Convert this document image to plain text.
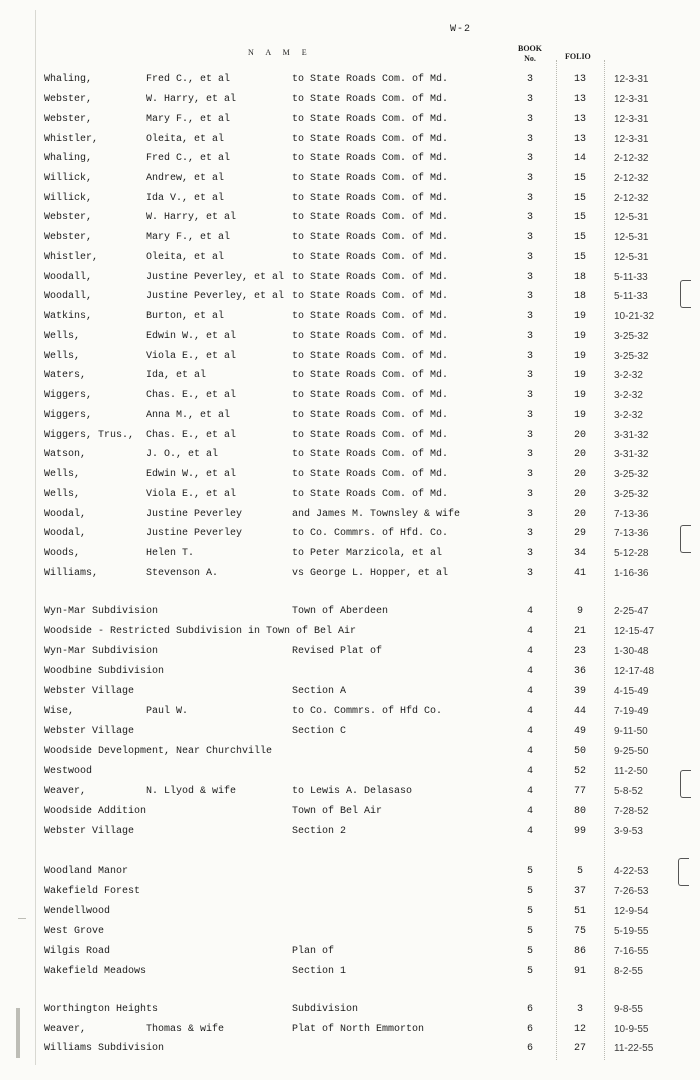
W-2
N A M E	BOOK
No.	FOLIO
Whaling,	Fred C., et al	to State Roads Com. of Md.	3	13	12-3-31
Webster,	W. Harry, et al	to State Roads Com. of Md.	3	13	12-3-31
Webster,	Mary F., et al	to State Roads Com. of Md.	3	13	12-3-31
Whistler,	Oleita, et al	to State Roads Com. of Md.	3	13	12-3-31
Whaling,	Fred C., et al	to State Roads Com. of Md.	3	14	2-12-32
Willick,	Andrew, et al	to State Roads Com. of Md.	3	15	2-12-32
Willick,	Ida V., et al	to State Roads Com. of Md.	3	15	2-12-32
Webster,	W. Harry, et al	to State Roads Com. of Md.	3	15	12-5-31
Webster,	Mary F., et al	to State Roads Com. of Md.	3	15	12-5-31
Whistler,	Oleita, et al	to State Roads Com. of Md.	3	15	12-5-31
Woodall,	Justine Peverley, et al to State Roads Com. of Md.	3	18	5-11-33
Woodall,	Justine Peverley, et al to State Roads Com. of Md.	3	18	5-11-33
Watkins,	Burton, et al	to State Roads Com. of Md.	3	19	10-21-32
Wells,	Edwin W., et al	to State Roads Com. of Md.	3	19	3-25-32
Wells,	Viola E., et al	to State Roads Com. of Md.	3	19	3-25-32
Waters,	Ida, et al	to State Roads Com. of Md.	3	19	3-2-32
Wiggers,	Chas. E., et al	to State Roads Com. of Md.	3	19	3-2-32
Wiggers,	Anna M., et al	to State Roads Com. of Md.	3	19	3-2-32
Wiggers, Trus., Chas. E., et al	to State Roads Com. of Md.	3	20	3-31-32
Watson,	J. O., et al	to State Roads Com. of Md.	3	20	3-31-32
Wells,	Edwin W., et al	to State Roads Com. of Md.	3	20	3-25-32
Wells,	Viola E., et al	to State Roads Com. of Md.	3	20	3-25-32
Woodal,	Justine Peverley	and James M. Townsley & wife	3	20	7-13-36
Woodal,	Justine Peverley	to Co. Commrs. of Hfd. Co.	3	29	7-13-36
Woods,	Helen T.	to Peter Marzicola, et al	3	34	5-12-28
Williams,	Stevenson A.	vs George L. Hopper, et al	3	41	1-16-36
Wyn-Mar Subdivision	Town of Aberdeen	4	9	2-25-47
Woodside - Restricted Subdivision in Town of Bel Air	4	21	12-15-47
Wyn-Mar Subdivision	Revised Plat of	4	23	1-30-48
Woodbine Subdivision	4	36	12-17-48
Webster Village	Section A	4	39	4-15-49
Wise,	Paul W.	to Co. Commrs. of Hfd Co.	4	44	7-19-49
Webster Village	Section C	4	49	9-11-50
Woodside Development, Near Churchville	4	50	9-25-50
Westwood	4	52	11-2-50
Weaver,	N. Llyod & wife	to Lewis A. Delasaso	4	77	5-8-52
Woodside Addition	Town of Bel Air	4	80	7-28-52
Webster Village	Section 2	4	99	3-9-53
Woodland Manor	5	5	4-22-53
Wakefield Forest	5	37	7-26-53
Wendellwood	5	51	12-9-54
West Grove	5	75	5-19-55
Wilgis Road	Plan of	5	86	7-16-55
Wakefield Meadows	Section 1	5	91	8-2-55
Worthington Heights	Subdivision	6	3	9-8-55
Weaver,	Thomas & wife	Plat of North Emmorton	6	12	10-9-55
Williams Subdivision	6	27	11-22-55
